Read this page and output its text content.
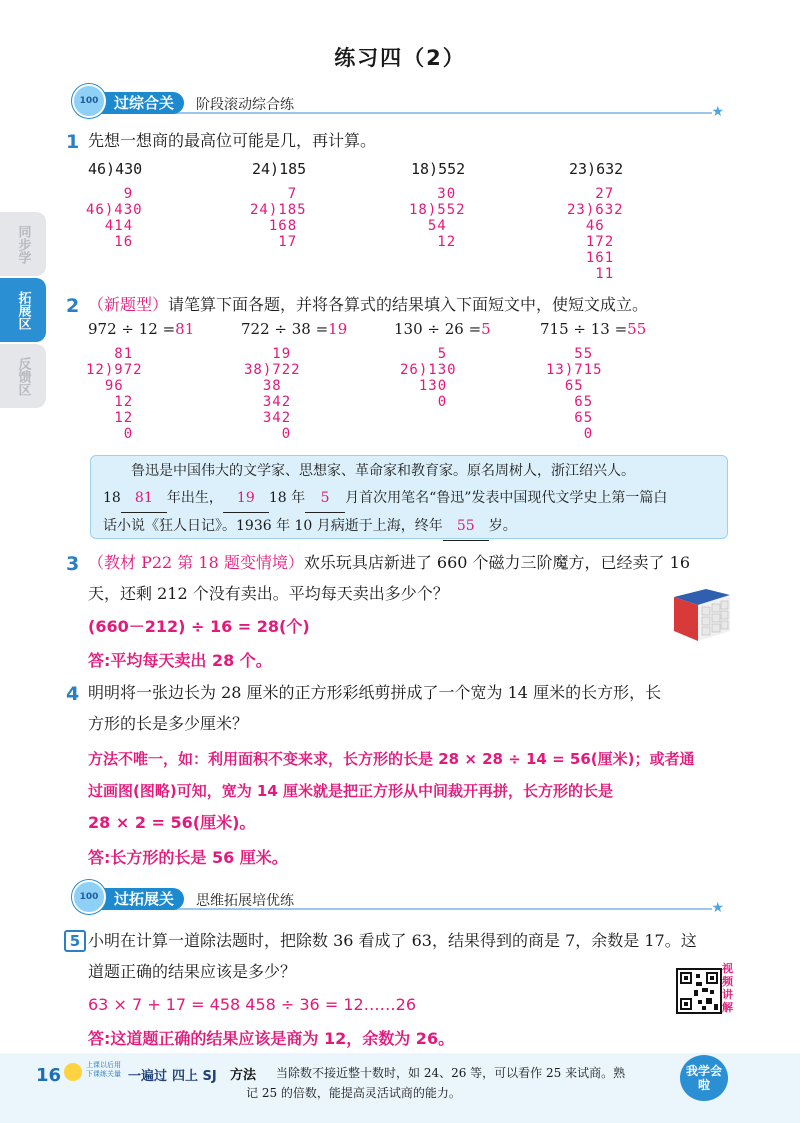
练习四（2）
同步学
拓展区
反馈区
过综合关
100	阶段滚动综合练	★
1 先想一想商的最高位可能是几，再计算。
46)430	24)185	18)552	23)632
9
46)430
414
16
7
24)185
168
17
30
18)552
54
12
27
23)632
46
172
161
11
2 （新题型）请笔算下面各题，并将各算式的结果填入下面短文中，使短文成立。
972 ÷ 12 =81	722 ÷ 38 =19	130 ÷ 26 =5	715 ÷ 13 =55
81
12)972
96
12
12
0
19
38)722
38
342
342
0
5
26)130
130
0
55
13)715
65
65
65
0
鲁迅是中国伟大的文学家、思想家、革命家和教育家。原名周树人，浙江绍兴人。
18 81 年出生， 19 18 年 5 月首次用笔名“鲁迅”发表中国现代文学史上第一篇白
话小说《狂人日记》。1936 年 10 月病逝于上海，终年 55 岁。
3 （教材 P22 第 18 题变情境）欢乐玩具店新进了 660 个磁力三阶魔方，已经卖了 16
天，还剩 212 个没有卖出。平均每天卖出多少个？
(660－212) ÷ 16 = 28(个)
答:平均每天卖出 28 个。
4 明明将一张边长为 28 厘米的正方形彩纸剪拼成了一个宽为 14 厘米的长方形，长
方形的长是多少厘米？
方法不唯一，如：利用面积不变来求，长方形的长是 28 × 28 ÷ 14 = 56(厘米)；或者通
过画图(图略)可知，宽为 14 厘米就是把正方形从中间裁开再拼，长方形的长是
28 × 2 = 56(厘米)。
答:长方形的长是 56 厘米。
过拓展关
100	思维拓展培优练	★
5 小明在计算一道除法题时，把除数 36 看成了 63，结果得到的商是 7，余数是 17。这
道题正确的结果应该是多少？
63 × 7 + 17 = 458 458 ÷ 36 = 12……26
答:这道题正确的结果应该是商为 12，余数为 26。
视频讲解
16	上课以后用 下课练关量 一遍过 四上 SJ 方法 当除数不接近整十数时，如 24、26 等，可以看作 25 来试商。熟
记 25 的倍数，能提高灵活试商的能力。
我学会啦
